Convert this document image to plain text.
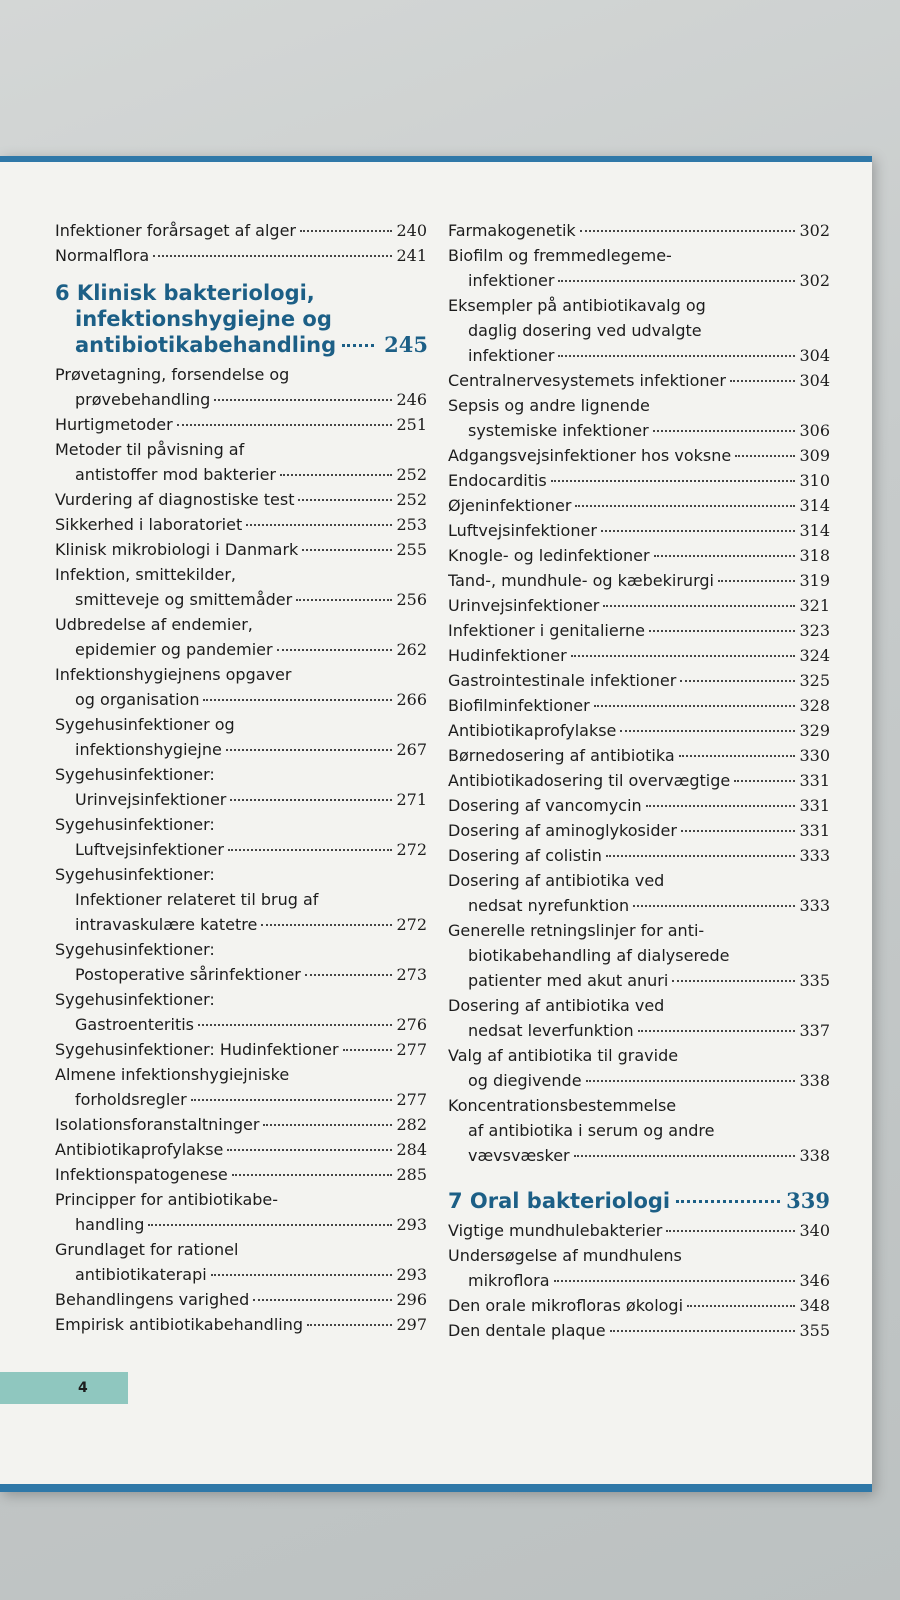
Infektioner forårsaget af alger	240
Normalflora	241
6 Klinisk bakteriologi,
infektionshygiejne og
antibiotikabehandling 245
Prøvetagning, forsendelse og
prøvebehandling	246
Hurtigmetoder	251
Metoder til påvisning af
antistoffer mod bakterier	252
Vurdering af diagnostiske test	252
Sikkerhed i laboratoriet	253
Klinisk mikrobiologi i Danmark	255
Infektion, smittekilder,
smitteveje og smittemåder	256
Udbredelse af endemier,
epidemier og pandemier	262
Infektionshygiejnens opgaver
og organisation	266
Sygehusinfektioner og
infektionshygiejne	267
Sygehusinfektioner:
Urinvejsinfektioner	271
Sygehusinfektioner:
Luftvejsinfektioner	272
Sygehusinfektioner:
Infektioner relateret til brug af
intravaskulære katetre	272
Sygehusinfektioner:
Postoperative sårinfektioner	273
Sygehusinfektioner:
Gastroenteritis	276
Sygehusinfektioner: Hudinfektioner	277
Almene infektionshygiejniske
forholdsregler	277
Isolationsforanstaltninger	282
Antibiotikaprofylakse	284
Infektionspatogenese	285
Principper for antibiotikabe-
handling	293
Grundlaget for rationel
antibiotikaterapi	293
Behandlingens varighed	296
Empirisk antibiotikabehandling	297
Farmakogenetik	302
Biofilm og fremmedlegeme-
infektioner	302
Eksempler på antibiotikavalg og
daglig dosering ved udvalgte
infektioner	304
Centralnervesystemets infektioner	304
Sepsis og andre lignende
systemiske infektioner	306
Adgangsvejsinfektioner hos voksne	309
Endocarditis	310
Øjeninfektioner	314
Luftvejsinfektioner	314
Knogle- og ledinfektioner	318
Tand-, mundhule- og kæbekirurgi	319
Urinvejsinfektioner	321
Infektioner i genitalierne	323
Hudinfektioner	324
Gastrointestinale infektioner	325
Biofilminfektioner	328
Antibiotikaprofylakse	329
Børnedosering af antibiotika	330
Antibiotikadosering til overvægtige	331
Dosering af vancomycin	331
Dosering af aminoglykosider	331
Dosering af colistin	333
Dosering af antibiotika ved
nedsat nyrefunktion	333
Generelle retningslinjer for anti-
biotikabehandling af dialyserede
patienter med akut anuri	335
Dosering af antibiotika ved
nedsat leverfunktion	337
Valg af antibiotika til gravide
og diegivende	338
Koncentrationsbestemmelse
af antibiotika i serum og andre
vævsvæsker	338
7 Oral bakteriologi	339
Vigtige mundhulebakterier	340
Undersøgelse af mundhulens
mikroflora	346
Den orale mikrofloras økologi	348
Den dentale plaque	355
4
